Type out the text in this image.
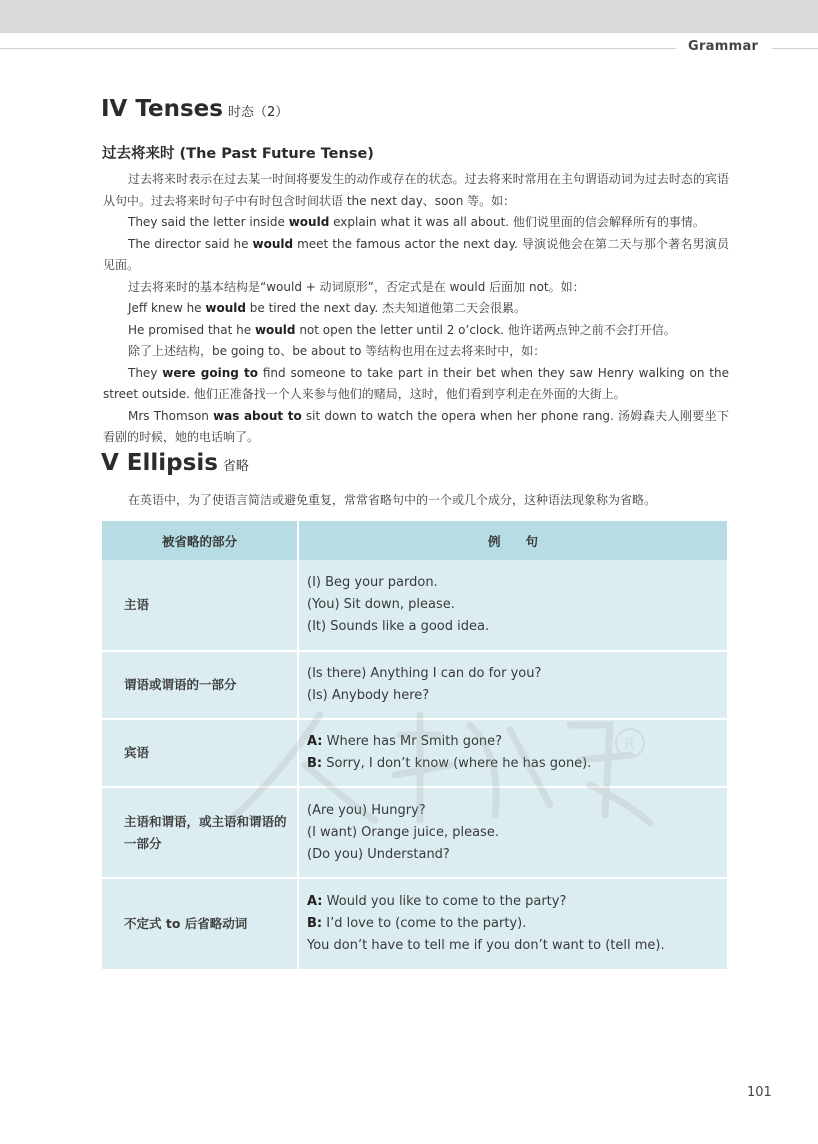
Grammar
IV Tenses 时态（2）
过去将来时 (The Past Future Tense)

过去将来时表示在过去某一时间将要发生的动作或存在的状态。过去将来时常用在主句谓语动词为过去时态的宾语从句中。过去将来时句子中有时包含时间状语 the next day、soon 等。如：

They said the letter inside would explain what it was all about. 他们说里面的信会解释所有的事情。

The director said he would meet the famous actor the next day. 导演说他会在第二天与那个著名男演员见面。

过去将来时的基本结构是“would + 动词原形”，否定式是在 would 后面加 not。如：

Jeff knew he would be tired the next day. 杰夫知道他第二天会很累。

He promised that he would not open the letter until 2 o’clock. 他许诺两点钟之前不会打开信。

除了上述结构，be going to、be about to 等结构也用在过去将来时中，如：

They were going to find someone to take part in their bet when they saw Henry walking on the street outside. 他们正准备找一个人来参与他们的赌局，这时，他们看到亨利走在外面的大街上。

Mrs Thomson was about to sit down to watch the opera when her phone rang. 汤姆森夫人刚要坐下看剧的时候，她的电话响了。

V Ellipsis 省略
在英语中，为了使语言简洁或避免重复，常常省略句中的一个或几个成分，这种语法现象称为省略。
被省略的部分	例　　句
主语	(I) Beg your pardon.
(You) Sit down, please.
(It) Sounds like a good idea.

谓语或谓语的一部分	(Is there) Anything I can do for you?
(Is) Anybody here?

宾语	A: Where has Mr Smith gone?
B: Sorry, I don’t know (where he has gone).

主语和谓语，或主语和谓语的一部分	(Are you) Hungry?
(I want) Orange juice, please.
(Do you) Understand?

不定式 to 后省略动词	A: Would you like to come to the party?
B: I’d love to (come to the party).
You don’t have to tell me if you don’t want to (tell me).
101
